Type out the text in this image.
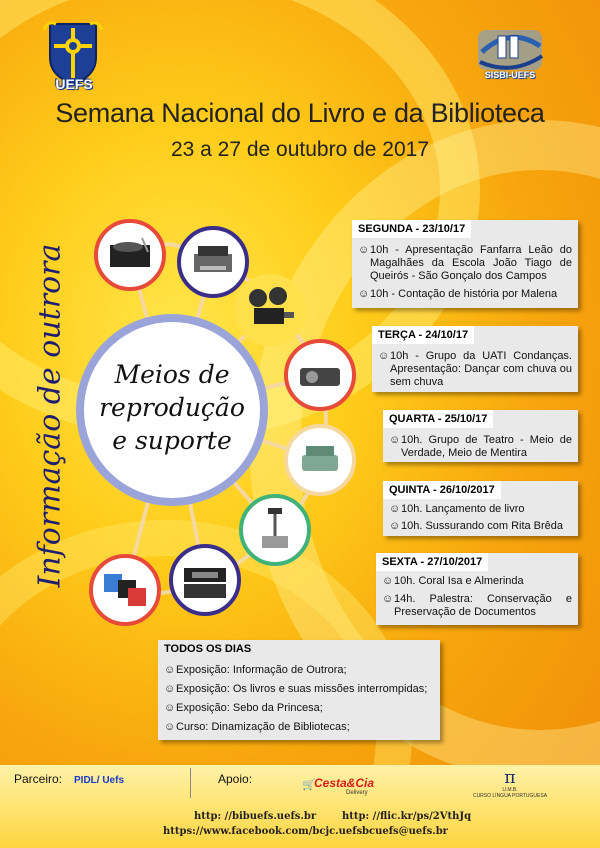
UEFS
SISBI-UEFS
Semana Nacional do Livro e da Biblioteca
23 a 27 de outubro de 2017
Informação de outrora	Meios de
reprodução
e suporte
SEGUNDA - 23/10/17
☺ 10h - Apresentação Fanfarra Leão do Magalhães da Escola João Tiago de Queirós - São Gonçalo dos Campos
☺ 10h - Contação de história por Malena
TERÇA - 24/10/17
☺ 10h - Grupo da UATI Condanças. Apresentação: Dançar com chuva ou sem chuva
QUARTA - 25/10/17
☺ 10h. Grupo de Teatro - Meio de Verdade, Meio de Mentira
QUINTA - 26/10/2017
☺ 10h. Lançamento de livro
☺ 10h. Sussurando com Rita Brêda
SEXTA - 27/10/2017
☺ 10h. Coral Isa e Almerinda
☺ 14h. Palestra: Conservação e Preservação de Documentos
TODOS OS DIAS
☺ Exposição: Informação de Outrora;
☺ Exposição: Os livros e suas missões interrompidas;
☺ Exposição: Sebo da Princesa;
☺ Curso: Dinamização de Bibliotecas;
Parceiro: PIDL/ Uefs	Apoio:	🛒
Cesta&Cia
Delivery
π
U.M.B.
CURSO LÍNGUA PORTUGUESA
http: //bibuefs.uefs.br
https://www.facebook.com/bcjc.uefs
http: //flic.kr/ps/2VthJq
bcuefs@uefs.br
